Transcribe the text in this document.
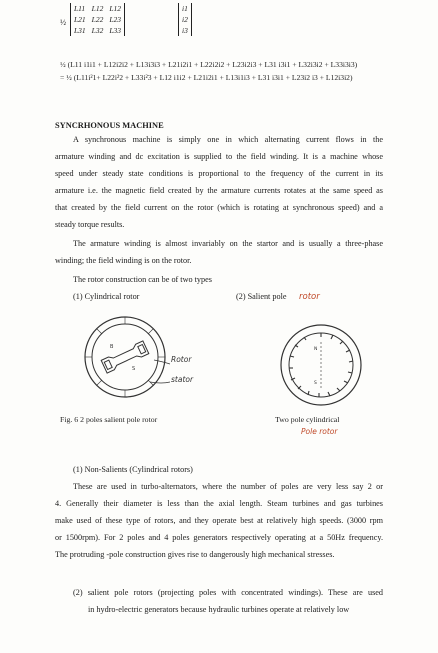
½
L11	L12	L12
L21	L22	L23
L31	L32	L33
i1
i2
i3
½ (L11 i1i1 + L12i2i2 + L13i3i3 + L21i2i1 + L22i2i2 + L23i2i3 + L31 i3i1 + L32i3i2 + L33i3i3)
= ½ (L11i²1+ L22i²2 + L33i²3 + L12 i1i2 + L21i2i1 + L13i1i3 + L31 i3i1 + L23i2 i3 + L12i3i2)
SYNCRHONOUS MACHINE
A synchronous machine is simply one in which alternating current flows in the
armature winding and dc excitation is supplied to the field winding. It is a machine whose
speed under steady state conditions is proportional to the frequency of the current in its
armature i.e. the magnetic field created by the armature currents rotates at the same speed as
that created by the field current on the rotor (which is rotating at synchronous speed) and a
steady torque results.
The armature winding is almost invariably on the startor and is usually a three-phase
winding; the field winding is on the rotor.
The rotor construction can be of two types
(1) Cylindrical rotor	(2) Salient pole rotor
B
S
Rotor
stator
N
S
Fig. 6 2 poles salient pole rotor	Two pole cylindrical
Pole rotor
(1) Non-Salients (Cylindrical rotors)
These are used in turbo-alternators, where the number of poles are very less say 2 or
4. Generally their diameter is less than the axial length. Steam turbines and gas turbines
make used of these type of rotors, and they operate best at relatively high speeds. (3000 rpm
or 1500rpm). For 2 poles and 4 poles generators respectively operating at a 50Hz frequency.
The protruding -pole construction gives rise to dangerously high mechanical stresses.
(2) salient pole rotors (projecting poles with concentrated windings). These are used
in hydro-electric generators because hydraulic turbines operate at relatively low
